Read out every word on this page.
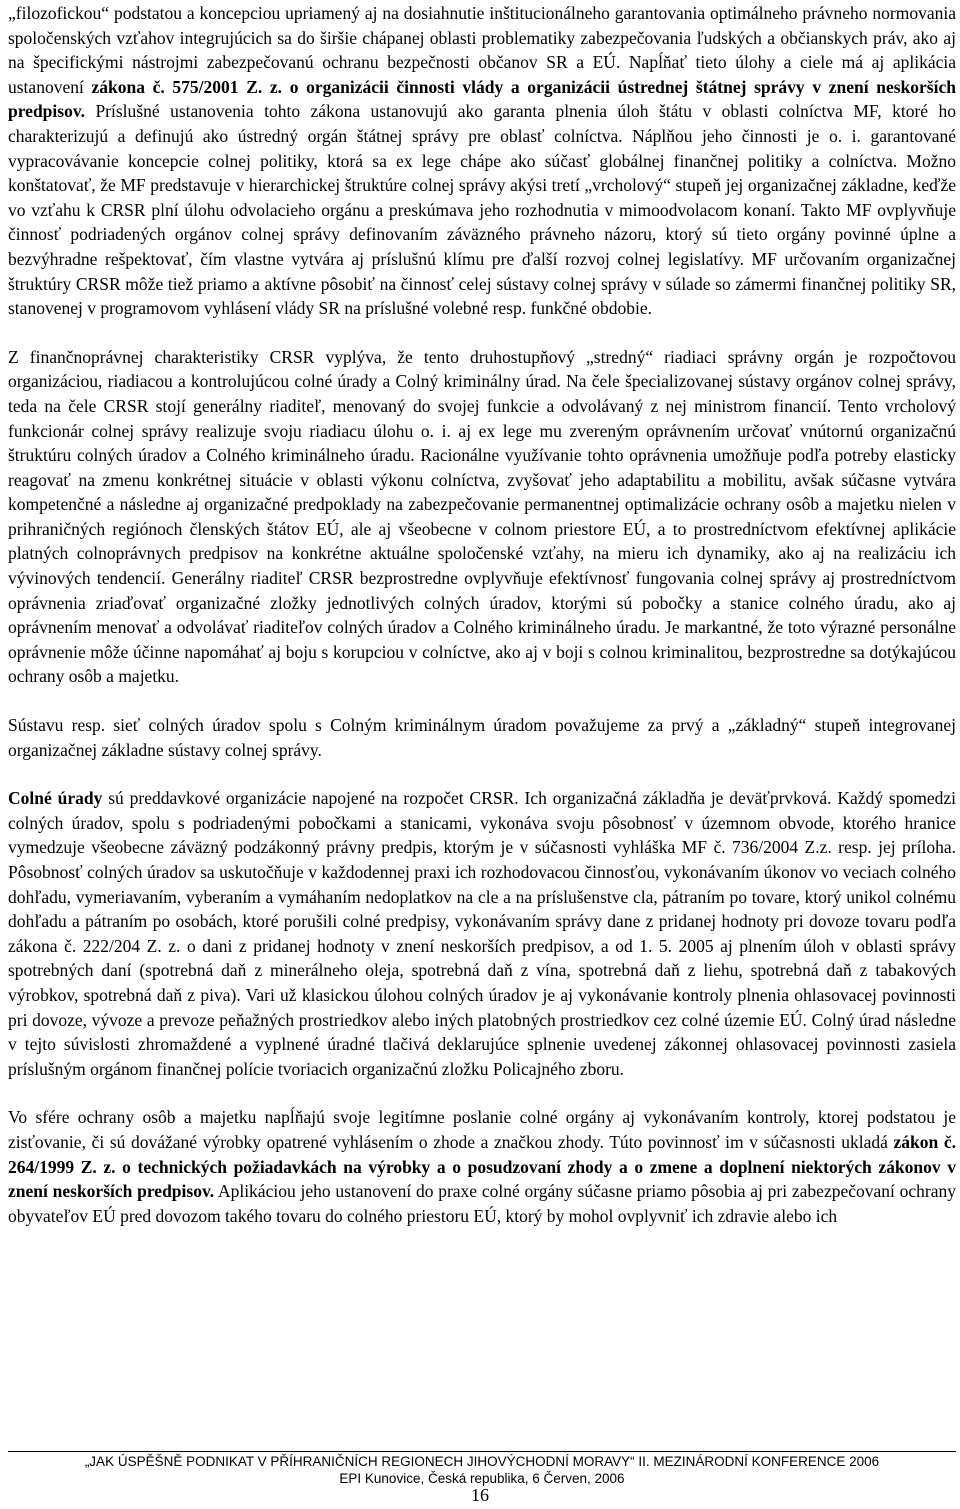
„filozofickou“ podstatou a koncepciou upriamený aj na dosiahnutie inštitucionálneho garantovania optimálneho právneho normovania spoločenských vzťahov integrujúcich sa do širšie chápanej oblasti problematiky zabezpečovania ľudských a občianskych práv, ako aj na špecifickými nástrojmi zabezpečovanú ochranu bezpečnosti občanov SR a EÚ. Napĺňať tieto úlohy a ciele má aj aplikácia ustanovení zákona č. 575/2001 Z. z. o organizácii činnosti vlády a organizácii ústrednej štátnej správy v znení neskorších predpisov. Príslušné ustanovenia tohto zákona ustanovujú ako garanta plnenia úloh štátu v oblasti colníctva MF, ktoré ho charakterizujú a definujú ako ústredný orgán štátnej správy pre oblasť colníctva. Náplňou jeho činnosti je o. i. garantované vypracovávanie koncepcie colnej politiky, ktorá sa ex lege chápe ako súčasť globálnej finančnej politiky a colníctva. Možno konštatovať, že MF predstavuje v hierarchickej štruktúre colnej správy akýsi tretí „vrcholový“ stupeň jej organizačnej základne, keďže vo vzťahu k CRSR plní úlohu odvolacieho orgánu a preskúmava jeho rozhodnutia v mimoodvolacom konaní. Takto MF ovplyvňuje činnosť podriadených orgánov colnej správy definovaním záväzného právneho názoru, ktorý sú tieto orgány povinné úplne a bezvýhradne rešpektovať, čím vlastne vytvára aj príslušnú klímu pre ďalší rozvoj colnej legislatívy. MF určovaním organizačnej štruktúry CRSR môže tiež priamo a aktívne pôsobiť na činnosť celej sústavy colnej správy v súlade so zámermi finančnej politiky SR, stanovenej v programovom vyhlásení vlády SR na príslušné volebné resp. funkčné obdobie.

Z finančnoprávnej charakteristiky CRSR vyplýva, že tento druhostupňový „stredný“ riadiaci správny orgán je rozpočtovou organizáciou, riadiacou a kontrolujúcou colné úrady a Colný kriminálny úrad. Na čele špecializovanej sústavy orgánov colnej správy, teda na čele CRSR stojí generálny riaditeľ, menovaný do svojej funkcie a odvolávaný z nej ministrom financií. Tento vrcholový funkcionár colnej správy realizuje svoju riadiacu úlohu o. i. aj ex lege mu zvereným oprávnením určovať vnútornú organizačnú štruktúru colných úradov a Colného kriminálneho úradu. Racionálne využívanie tohto oprávnenia umožňuje podľa potreby elasticky reagovať na zmenu konkrétnej situácie v oblasti výkonu colníctva, zvyšovať jeho adaptabilitu a mobilitu, avšak súčasne vytvára kompetenčné a následne aj organizačné predpoklady na zabezpečovanie permanentnej optimalizácie ochrany osôb a majetku nielen v prihraničných regiónoch členských štátov EÚ, ale aj všeobecne v colnom priestore EÚ, a to prostredníctvom efektívnej aplikácie platných colnoprávnych predpisov na konkrétne aktuálne spoločenské vzťahy, na mieru ich dynamiky, ako aj na realizáciu ich vývinových tendencií. Generálny riaditeľ CRSR bezprostredne ovplyvňuje efektívnosť fungovania colnej správy aj prostredníctvom oprávnenia zriaďovať organizačné zložky jednotlivých colných úradov, ktorými sú pobočky a stanice colného úradu, ako aj oprávnením menovať a odvolávať riaditeľov colných úradov a Colného kriminálneho úradu. Je markantné, že toto výrazné personálne oprávnenie môže účinne napomáhať aj boju s korupciou v colníctve, ako aj v boji s colnou kriminalitou, bezprostredne sa dotýkajúcou ochrany osôb a majetku.

Sústavu resp. sieť colných úradov spolu s Colným kriminálnym úradom považujeme za prvý a „základný“ stupeň integrovanej organizačnej základne sústavy colnej správy.

Colné úrady sú preddavkové organizácie napojené na rozpočet CRSR. Ich organizačná základňa je deväťprvková. Každý spomedzi colných úradov, spolu s podriadenými pobočkami a stanicami, vykonáva svoju pôsobnosť v územnom obvode, ktorého hranice vymedzuje všeobecne záväzný podzákonný právny predpis, ktorým je v súčasnosti vyhláška MF č. 736/2004 Z.z. resp. jej príloha. Pôsobnosť colných úradov sa uskutočňuje v každodennej praxi ich rozhodovacou činnosťou, vykonávaním úkonov vo veciach colného dohľadu, vymeriavaním, vyberaním a vymáhaním nedoplatkov na cle a na príslušenstve cla, pátraním po tovare, ktorý unikol colnému dohľadu a pátraním po osobách, ktoré porušili colné predpisy, vykonávaním správy dane z pridanej hodnoty pri dovoze tovaru podľa zákona č. 222/204 Z. z. o dani z pridanej hodnoty v znení neskorších predpisov, a od 1. 5. 2005 aj plnením úloh v oblasti správy spotrebných daní (spotrebná daň z minerálneho oleja, spotrebná daň z vína, spotrebná daň z liehu, spotrebná daň z tabakových výrobkov, spotrebná daň z piva). Vari už klasickou úlohou colných úradov je aj vykonávanie kontroly plnenia ohlasovacej povinnosti pri dovoze, vývoze a prevoze peňažných prostriedkov alebo iných platobných prostriedkov cez colné územie EÚ. Colný úrad následne v tejto súvislosti zhromaždené a vyplnené úradné tlačivá deklarujúce splnenie uvedenej zákonnej ohlasovacej povinnosti zasiela príslušným orgánom finančnej polície tvoriacich organizačnú zložku Policajného zboru.

Vo sfére ochrany osôb a majetku napĺňajú svoje legitímne poslanie colné orgány aj vykonávaním kontroly, ktorej podstatou je zisťovanie, či sú dovážané výrobky opatrené vyhlásením o zhode a značkou zhody. Túto povinnosť im v súčasnosti ukladá zákon č. 264/1999 Z. z. o technických požiadavkách na výrobky a o posudzovaní zhody a o zmene a doplnení niektorých zákonov v znení neskorších predpisov. Aplikáciou jeho ustanovení do praxe colné orgány súčasne priamo pôsobia aj pri zabezpečovaní ochrany obyvateľov EÚ pred dovozom takého tovaru do colného priestoru EÚ, ktorý by mohol ovplyvniť ich zdravie alebo ich

„JAK ÚSPĚŠNĚ PODNIKAT V PŘÍHRANIČNÍCH REGIONECH JIHOVÝCHODNÍ MORAVY“ II. MEZINÁRODNÍ KONFERENCE 2006
EPI Kunovice, Česká republika, 6 Červen, 2006
16
